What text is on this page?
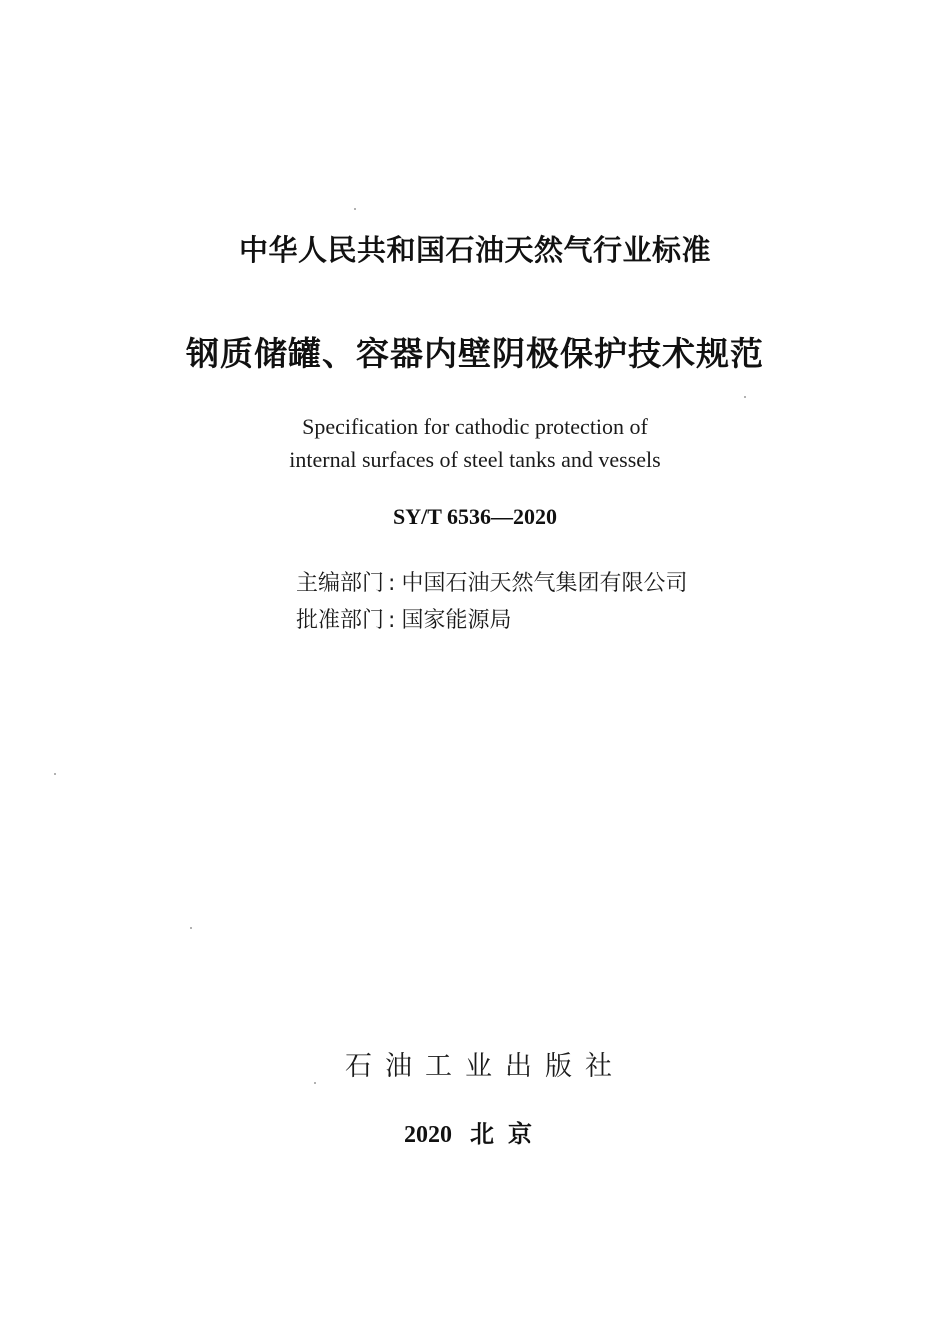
中华人民共和国石油天然气行业标准
钢质储罐、容器内壁阴极保护技术规范
Specification for cathodic protection of
internal surfaces of steel tanks and vessels
SY/T 6536—2020
主编部门 : 中国石油天然气集团有限公司
批准部门 : 国家能源局
石油工业出版社
2020 北京
